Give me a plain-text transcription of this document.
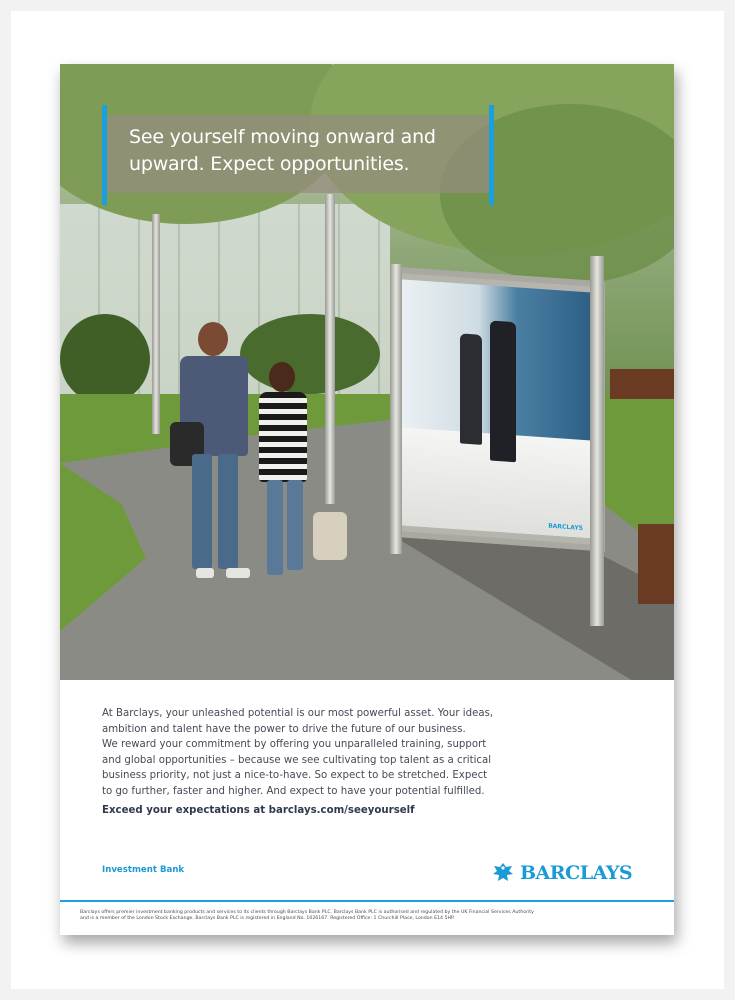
BARCLAYS
See yourself moving onward and
upward. Expect opportunities.

At Barclays, your unleashed potential is our most powerful asset. Your ideas,
ambition and talent have the power to drive the future of our business.
We reward your commitment by offering you unparalleled training, support
and global opportunities – because we see cultivating top talent as a critical
business priority, not just a nice-to-have. So expect to be stretched. Expect
to go further, faster and higher. And expect to have your potential fulfilled.

Exceed your expectations at barclays.com/seeyourself
Investment Bank	BARCLAYS
Barclays offers premier investment banking products and services to its clients through Barclays Bank PLC. Barclays Bank PLC is authorised and regulated by the UK Financial Services Authority
and is a member of the London Stock Exchange. Barclays Bank PLC is registered in England No. 1026167. Registered Office: 1 Churchill Place, London E14 5HP.
